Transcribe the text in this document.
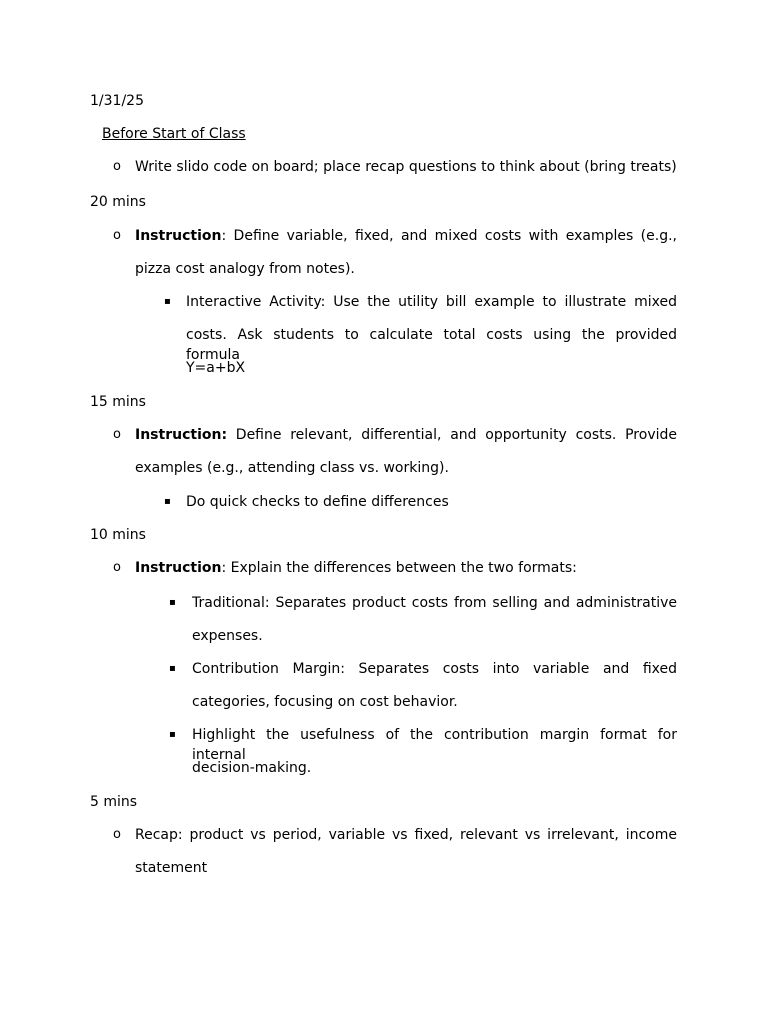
1/31/25
Before Start of Class
o Write slido code on board; place recap questions to think about (bring treats)
20 mins
o Instruction: Define variable, fixed, and mixed costs with examples (e.g.,
pizza cost analogy from notes).
▪ Interactive Activity: Use the utility bill example to illustrate mixed
costs. Ask students to calculate total costs using the provided formula
Y=a+bX
15 mins
o Instruction: Define relevant, differential, and opportunity costs. Provide
examples (e.g., attending class vs. working).
▪ Do quick checks to define differences
10 mins
o Instruction: Explain the differences between the two formats:
▪ Traditional: Separates product costs from selling and administrative
expenses.
▪ Contribution Margin: Separates costs into variable and fixed
categories, focusing on cost behavior.
▪ Highlight the usefulness of the contribution margin format for internal
decision-making.
5 mins
o Recap: product vs period, variable vs fixed, relevant vs irrelevant, income
statement
